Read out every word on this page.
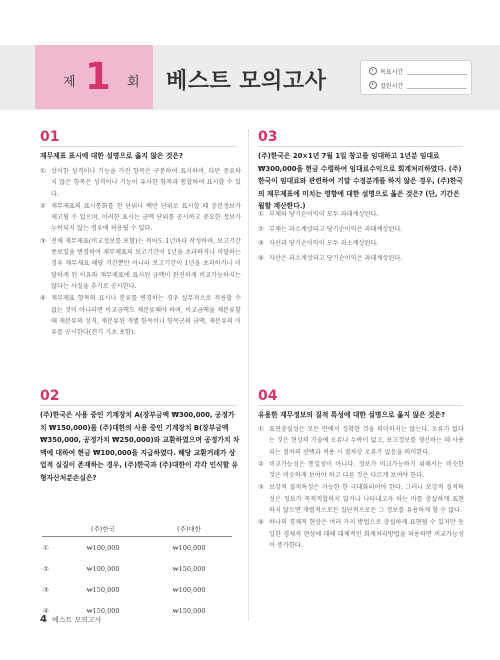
제 1 회 베스트 모의고사	목표시간
걸린시간
01
재무제표 표시에 대한 설명으로 옳지 않은 것은?
① 상이한 성격이나 기능을 가진 항목은 구분하여 표시하며, 다만 중요하지 않은 항목은 성격이나 기능이 유사한 항목과 통합하여 표시할 수 있다.
② 재무제표의 표시통화를 천 단위나 백만 단위로 표시할 때 충분정보가 제고될 수 있으며, 이러한 표시는 금액 단위를 공시하고 중요한 정보가 누락되지 않는 경우에 허용될 수 있다.
③ 전체 재무제표(비교정보를 포함)는 적어도 1년마다 작성하며, 보고기간종료일을 변경하여 재무제표의 보고기간이 1년을 초과하거나 미달하는 경우 재무제표 해당 기간뿐만 아니라 보고기간이 1년을 초과하거나 미달하게 된 이유와 재무제표에 표시된 금액이 완전하게 비교가능하지는 않다는 사실을 추가로 공시한다.
④ 재무제표 항목의 표시나 분류를 변경하는 경우 실무적으로 적용할 수 없는 것이 아니라면 비교금액도 재분류해야 하며, 비교금액을 재분류할 때 재분류의 성격, 재분류된 개별 항목이나 항목군의 금액, 재분류의 이유를 공시한다(전기 기초 포함).
03
(주)한국은 20×1년 7월 1일 창고를 임대하고 1년분 임대료 ₩300,000을 현금 수령하여 임대료수익으로 회계처리하였다. (주)한국이 임대료와 관련하여 기말 수정분개를 하지 않은 경우, (주)한국의 재무제표에 미치는 영향에 대한 설명으로 옳은 것은? (단, 기간은 월할 계산한다.)
① 부채와 당기순이익이 모두 과대계상된다.
② 부채는 과소계상되고 당기순이익은 과대계상된다.
③ 자산과 당기순이익이 모두 과소계상된다.
④ 자산은 과소계상되고 당기순이익은 과대계상된다.
02
(주)한국은 사용 중인 기계장치 A(장부금액 ₩300,000, 공정가치 ₩150,000)를 (주)대한의 사용 중인 기계장치 B(장부금액 ₩350,000, 공정가치 ₩250,000)와 교환하였으며 공정가치 차액에 대하여 현금 ₩100,000을 지급하였다. 해당 교환거래가 상업적 실질이 존재하는 경우, (주)한국과 (주)대한이 각각 인식할 유형자산처분손실은?
	(주)한국	(주)대한
①	₩100,000	₩100,000
②	₩100,000	₩150,000
③	₩150,000	₩100,000
④	₩150,000	₩150,000
04
유용한 재무정보의 질적 특성에 대한 설명으로 옳지 않은 것은?
① 표현충실성은 모든 면에서 정확한 것을 의미하지는 않는다. 오류가 없다는 것은 현상의 기술에 오류나 누락이 없고, 보고정보를 생산하는 데 사용되는 절차의 선택과 적용 시 절차상 오류가 없음을 의미한다.
② 비교가능성은 통일성이 아니다. 정보가 비교가능하기 위해서는 비슷한 것은 비슷하게 보여야 하고 다른 것은 다르게 보여야 한다.
③ 보강적 질적특성은 가능한 한 극대화되어야 한다. 그러나 보강적 질적특성은 정보가 목적적합하지 않거나 나타내고자 하는 바를 충실하게 표현하지 않으면 개별적으로든 집단적으로든 그 정보를 유용하게 할 수 없다.
④ 하나의 경제적 현상은 여러 가지 방법으로 충실하게 표현될 수 있지만 동일한 경제적 현상에 대해 대체적인 회계처리방법을 허용하면 비교가능성이 증가한다.
4 베스트 모의고사
